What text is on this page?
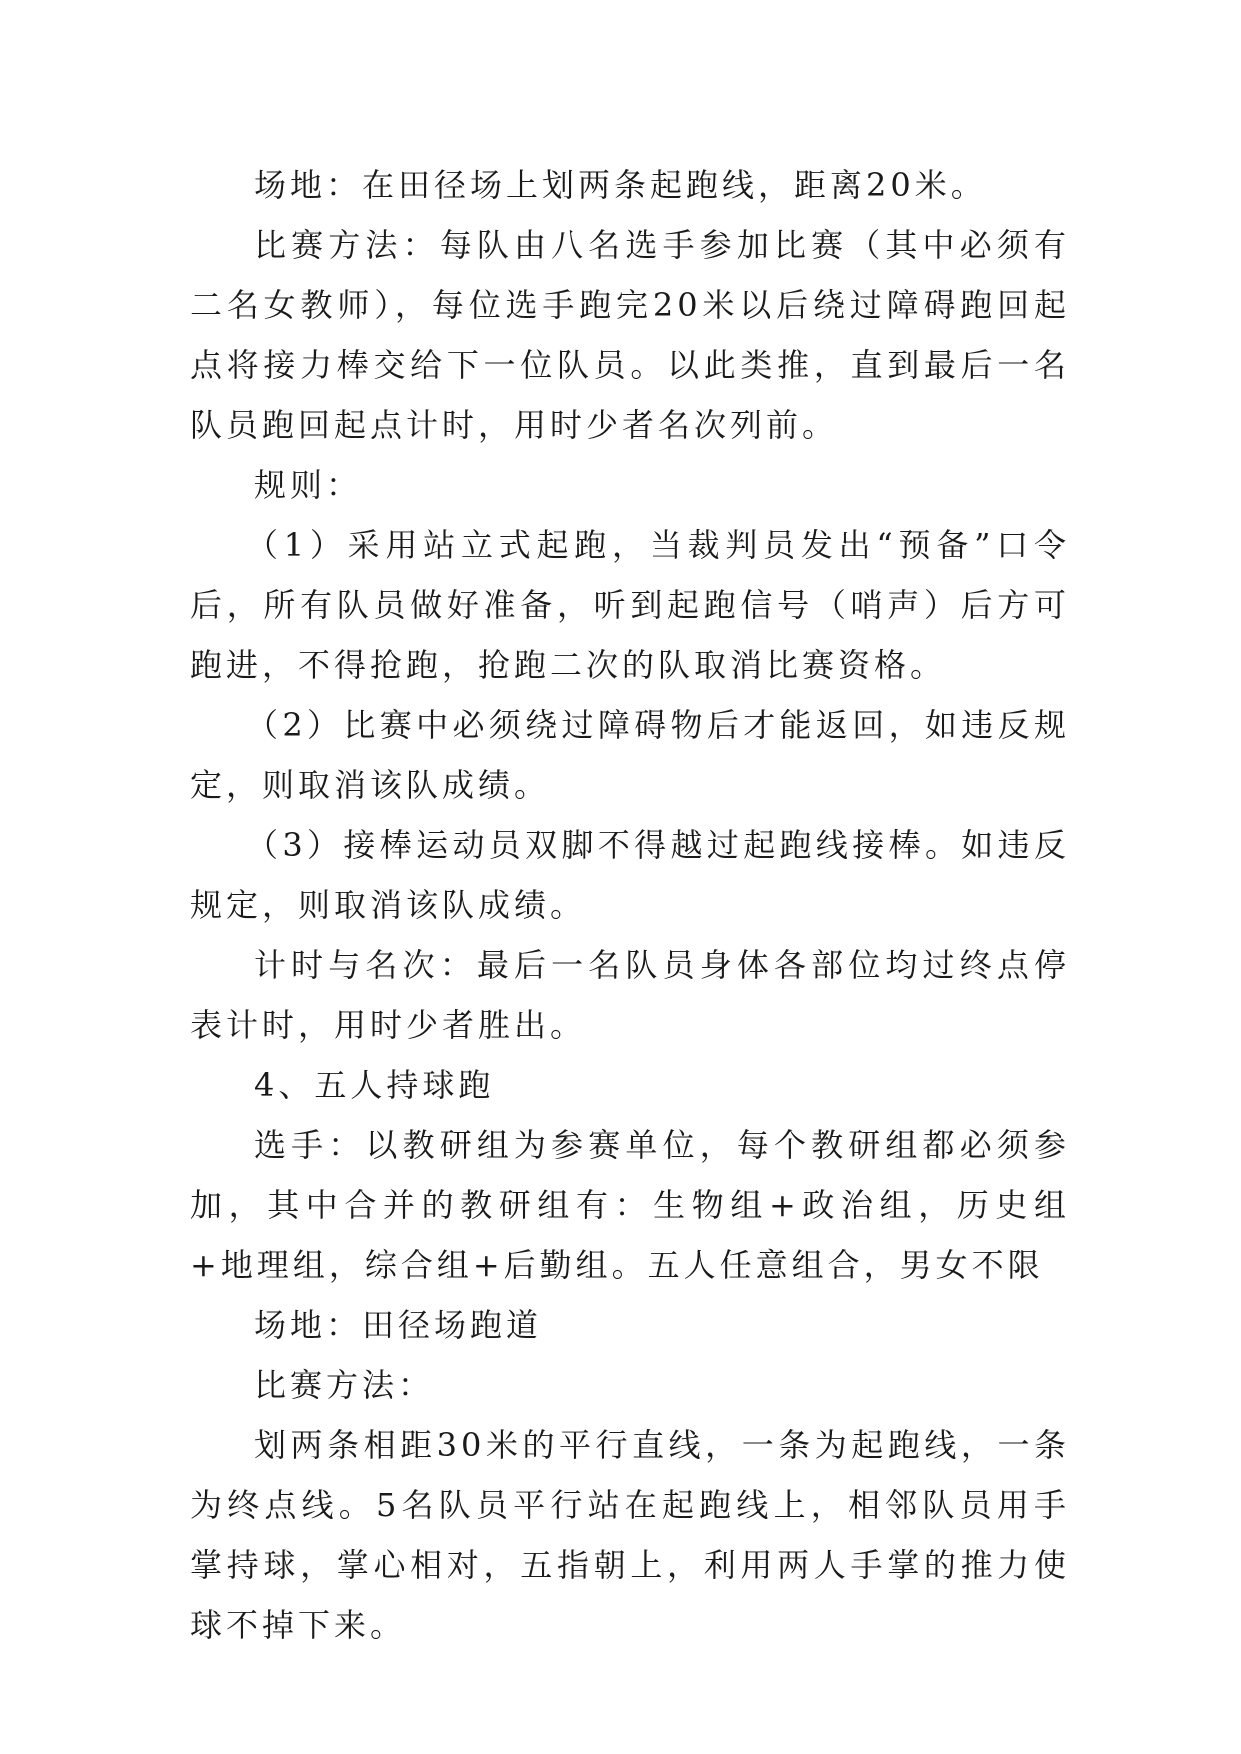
场地：在田径场上划两条起跑线，距离20米。

比赛方法：每队由八名选手参加比赛（其中必须有二名女教师），每位选手跑完20米以后绕过障碍跑回起点将接力棒交给下一位队员。以此类推，直到最后一名队员跑回起点计时，用时少者名次列前。

规则：

（1）采用站立式起跑，当裁判员发出“预备”口令后，所有队员做好准备，听到起跑信号（哨声）后方可跑进，不得抢跑，抢跑二次的队取消比赛资格。

（2）比赛中必须绕过障碍物后才能返回，如违反规定，则取消该队成绩。

（3）接棒运动员双脚不得越过起跑线接棒。如违反规定，则取消该队成绩。

计时与名次：最后一名队员身体各部位均过终点停表计时，用时少者胜出。

4、五人持球跑

选手：以教研组为参赛单位，每个教研组都必须参加，其中合并的教研组有：生物组+政治组，历史组+地理组，综合组+后勤组。五人任意组合，男女不限

场地：田径场跑道

比赛方法：

划两条相距30米的平行直线，一条为起跑线，一条为终点线。5名队员平行站在起跑线上，相邻队员用手掌持球，掌心相对，五指朝上，利用两人手掌的推力使球不掉下来。
